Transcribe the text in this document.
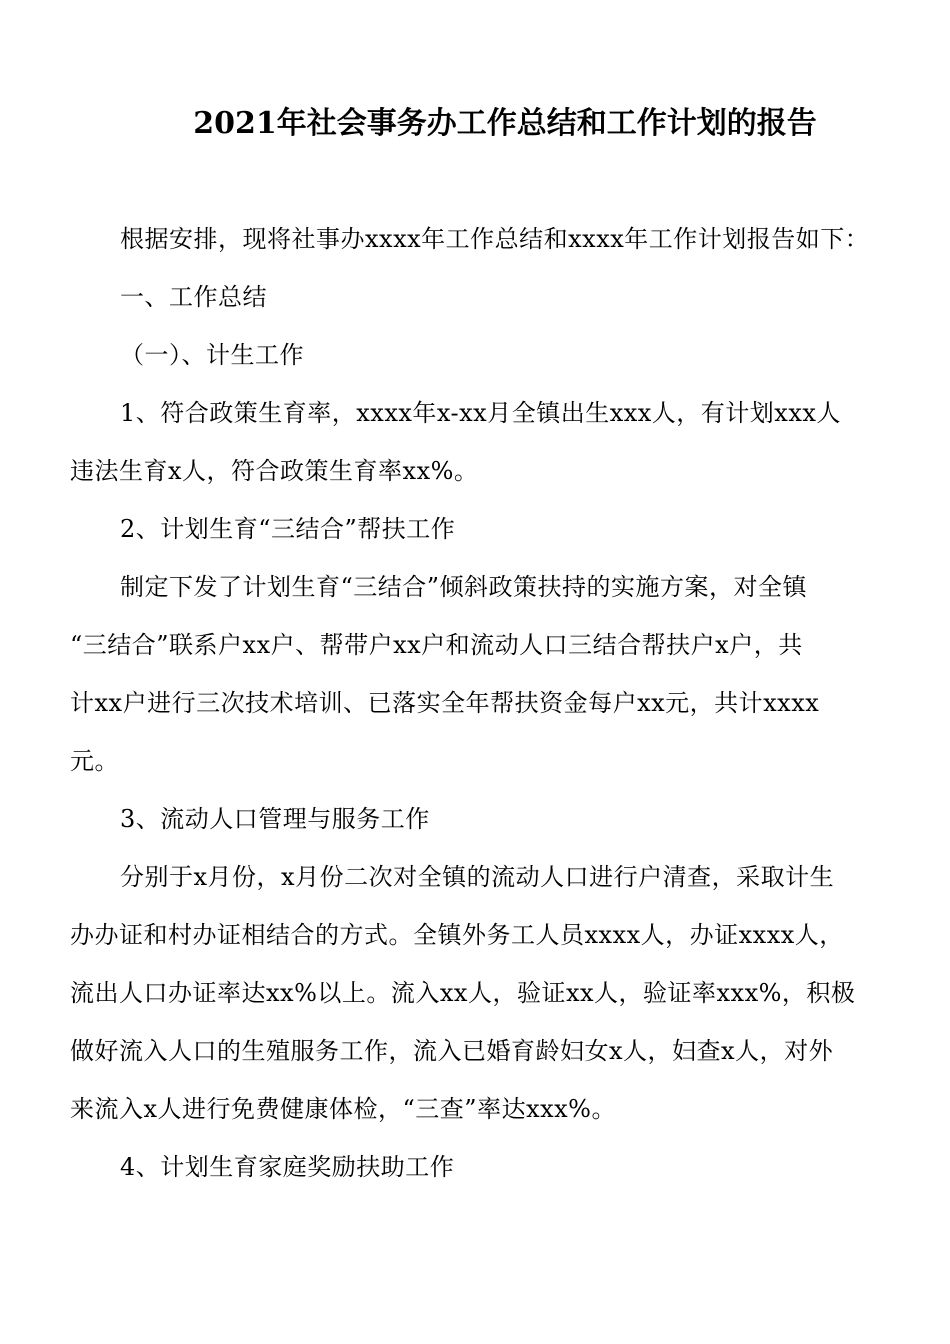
2021年社会事务办工作总结和工作计划的报告
根据安排，现将社事办xxxx年工作总结和xxxx年工作计划报告如下：
一、工作总结
（一）、计生工作
1、符合政策生育率，xxxx年x-xx月全镇出生xxx人，有计划xxx人
违法生育x人，符合政策生育率xx%。
2、计划生育“三结合”帮扶工作
制定下发了计划生育“三结合”倾斜政策扶持的实施方案，对全镇
“三结合”联系户xx户、帮带户xx户和流动人口三结合帮扶户x户，共
计xx户进行三次技术培训、已落实全年帮扶资金每户xx元，共计xxxx
元。
3、流动人口管理与服务工作
分别于x月份，x月份二次对全镇的流动人口进行户清查，采取计生
办办证和村办证相结合的方式。全镇外务工人员xxxx人，办证xxxx人，
流出人口办证率达xx%以上。流入xx人，验证xx人，验证率xxx%，积极
做好流入人口的生殖服务工作，流入已婚育龄妇女x人，妇查x人，对外
来流入x人进行免费健康体检，“三查”率达xxx%。
4、计划生育家庭奖励扶助工作
